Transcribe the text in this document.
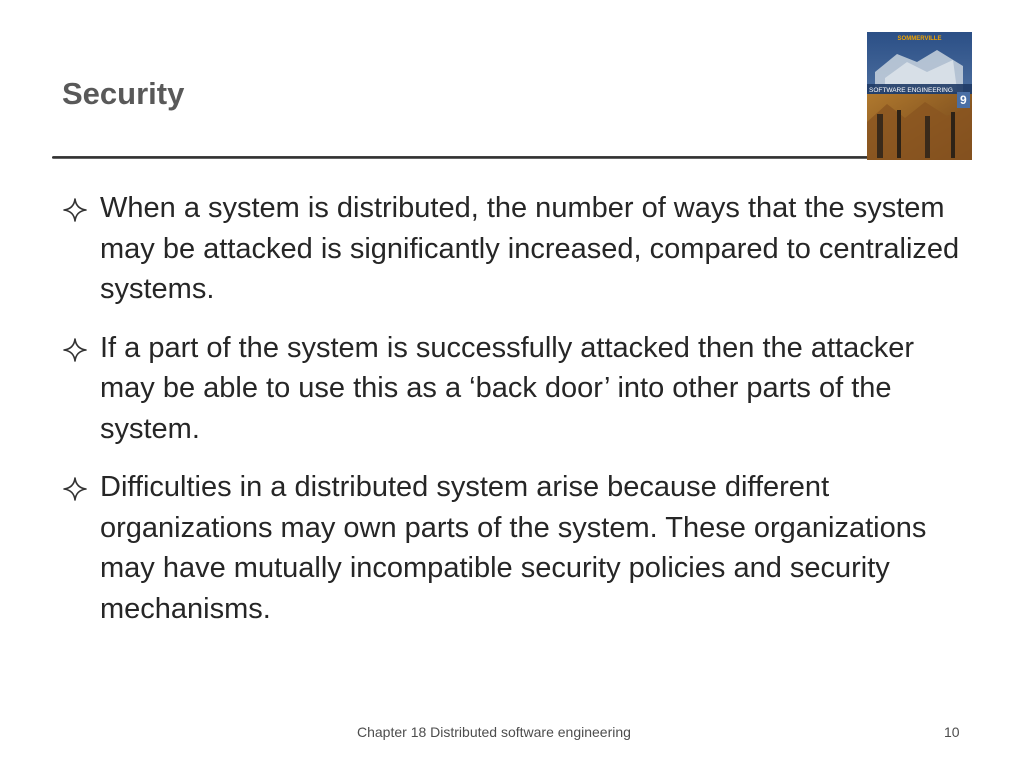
Security
SOMMERVILLE
SOFTWARE ENGINEERING
9
When a system is distributed, the number of ways that the system may be attacked is significantly increased, compared to centralized systems.
If a part of the system is successfully attacked then the attacker may be able to use this as a ‘back door’ into other parts of the system.
Difficulties in a distributed system arise because different organizations may own parts of the system. These organizations may have mutually incompatible security policies and security mechanisms.
Chapter 18 Distributed software engineering	10
